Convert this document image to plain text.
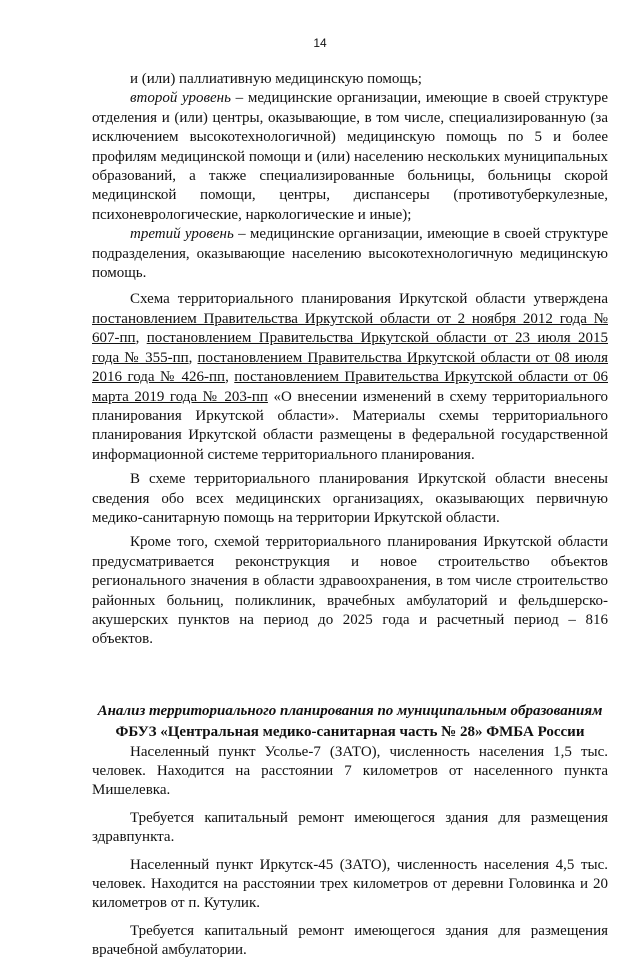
14

и (или) паллиативную медицинскую помощь;

второй уровень – медицинские организации, имеющие в своей структуре отделения и (или) центры, оказывающие, в том числе, специализированную (за исключением высокотехнологичной) медицинскую помощь по 5 и более профилям медицинской помощи и (или) населению нескольких муниципальных образований, а также специализированные больницы, больницы скорой медицинской помощи, центры, диспансеры (противотуберкулезные, психоневрологические, наркологические и иные);

третий уровень – медицинские организации, имеющие в своей структуре подразделения, оказывающие населению высокотехнологичную медицинскую помощь.

Схема территориального планирования Иркутской области утверждена постановлением Правительства Иркутской области от 2 ноября 2012 года № 607-пп, постановлением Правительства Иркутской области от 23 июля 2015 года № 355-пп, постановлением Правительства Иркутской области от 08 июля 2016 года № 426-пп, постановлением Правительства Иркутской области от 06 марта 2019 года № 203-пп «О внесении изменений в схему территориального планирования Иркутской области». Материалы схемы территориального планирования Иркутской области размещены в федеральной государственной информационной системе территориального планирования.

В схеме территориального планирования Иркутской области внесены сведения обо всех медицинских организациях, оказывающих первичную медико-санитарную помощь на территории Иркутской области.

Кроме того, схемой территориального планирования Иркутской области предусматривается реконструкция и новое строительство объектов регионального значения в области здравоохранения, в том числе строительство районных больниц, поликлиник, врачебных амбулаторий и фельдшерско-акушерских пунктов на период до 2025 года и расчетный период – 816 объектов.

Анализ территориального планирования по муниципальным образованиям
ФБУЗ «Центральная медико-санитарная часть № 28» ФМБА России

Населенный пункт Усолье-7 (ЗАТО), численность населения 1,5 тыс. человек. Находится на расстоянии 7 километров от населенного пункта Мишелевка.

Требуется капитальный ремонт имеющегося здания для размещения здравпункта.

Населенный пункт Иркутск-45 (ЗАТО), численность населения 4,5 тыс. человек. Находится на расстоянии трех километров от деревни Головинка и 20 километров от п. Кутулик.

Требуется капитальный ремонт имеющегося здания для размещения врачебной амбулатории.
